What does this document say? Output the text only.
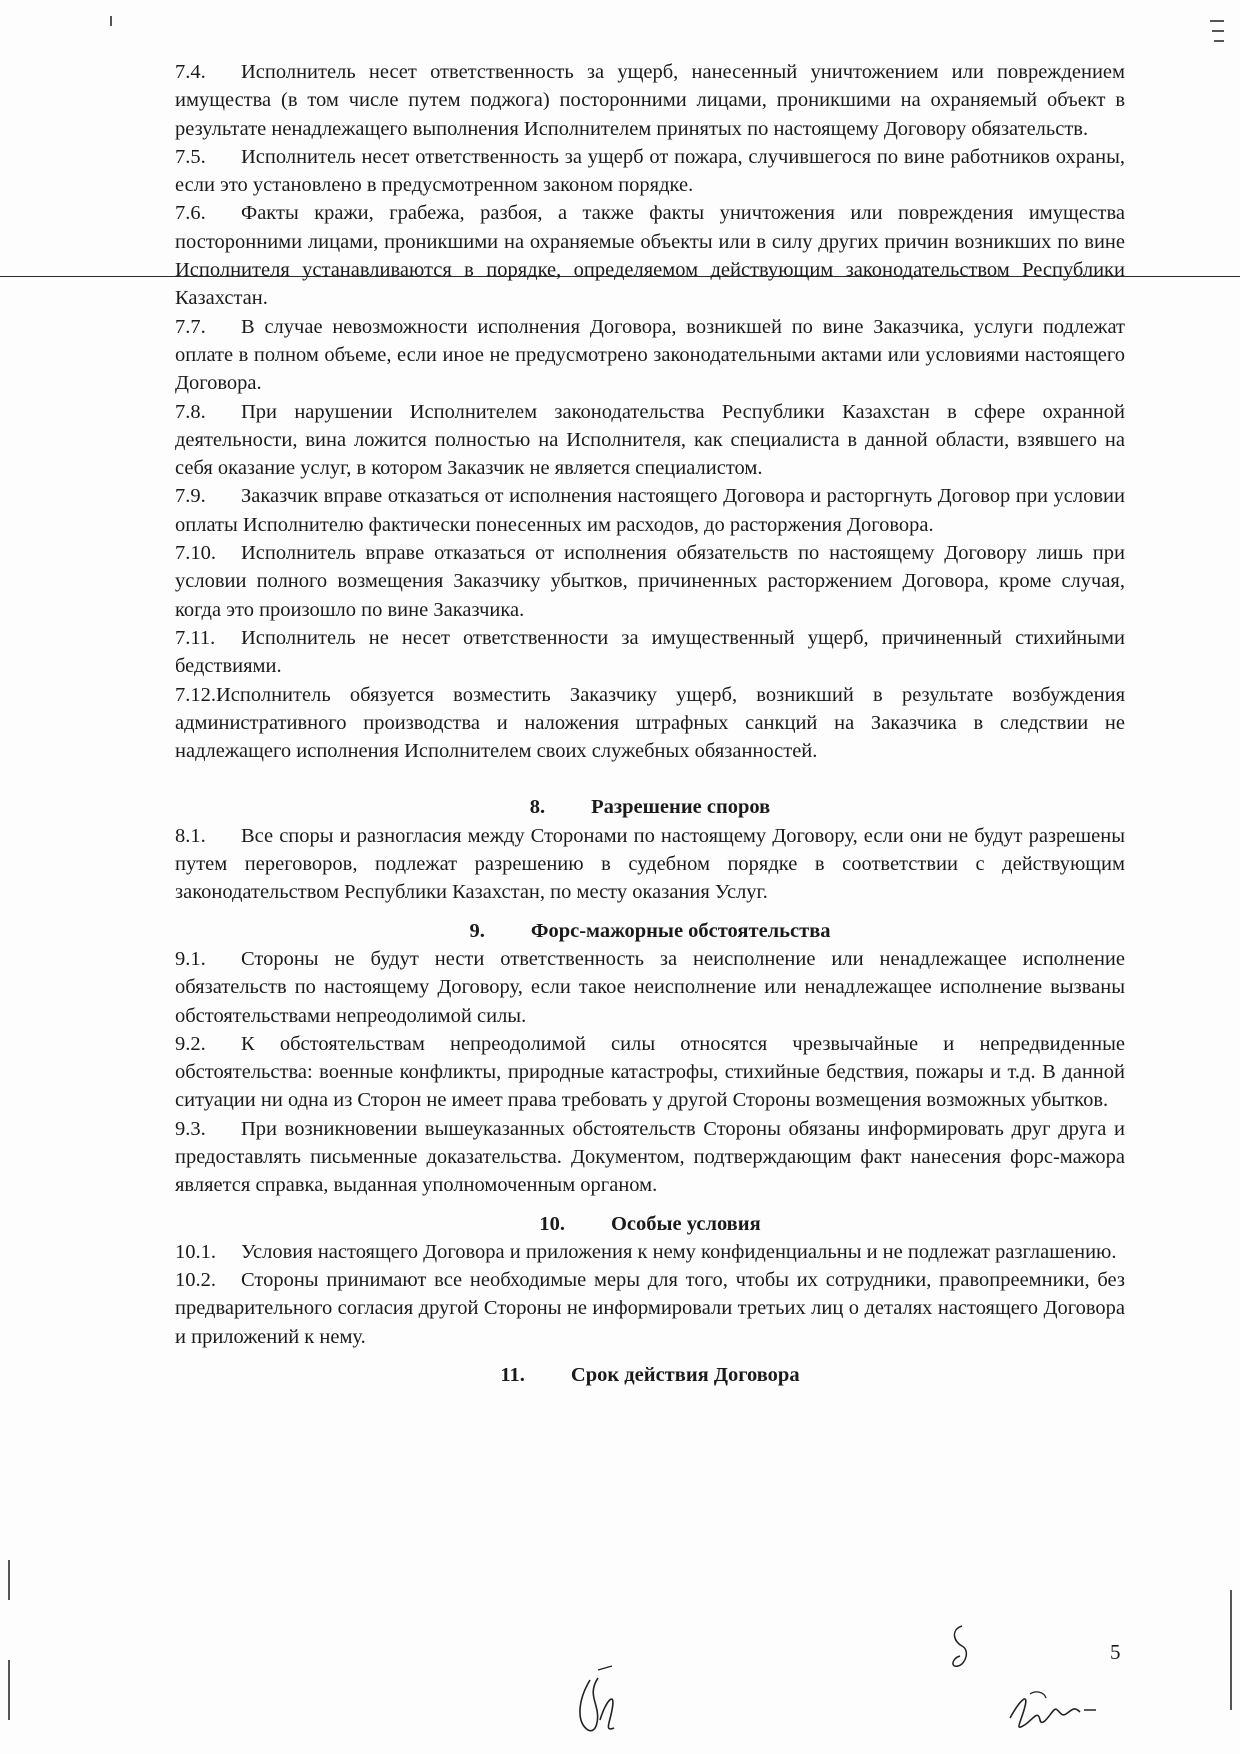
7.4. Исполнитель несет ответственность за ущерб, нанесенный уничтожением или повреждением имущества (в том числе путем поджога) посторонними лицами, проникшими на охраняемый объект в результате ненадлежащего выполнения Исполнителем принятых по настоящему Договору обязательств.

7.5. Исполнитель несет ответственность за ущерб от пожара, случившегося по вине работников охраны, если это установлено в предусмотренном законом порядке.

7.6. Факты кражи, грабежа, разбоя, а также факты уничтожения или повреждения имущества посторонними лицами, проникшими на охраняемые объекты или в силу других причин возникших по вине Исполнителя устанавливаются в порядке, определяемом действующим законодательством Республики Казахстан.

7.7. В случае невозможности исполнения Договора, возникшей по вине Заказчика, услуги подлежат оплате в полном объеме, если иное не предусмотрено законодательными актами или условиями настоящего Договора.

7.8. При нарушении Исполнителем законодательства Республики Казахстан в сфере охранной деятельности, вина ложится полностью на Исполнителя, как специалиста в данной области, взявшего на себя оказание услуг, в котором Заказчик не является специалистом.

7.9. Заказчик вправе отказаться от исполнения настоящего Договора и расторгнуть Договор при условии оплаты Исполнителю фактически понесенных им расходов, до расторжения Договора.

7.10. Исполнитель вправе отказаться от исполнения обязательств по настоящему Договору лишь при условии полного возмещения Заказчику убытков, причиненных расторжением Договора, кроме случая, когда это произошло по вине Заказчика.

7.11. Исполнитель не несет ответственности за имущественный ущерб, причиненный стихийными бедствиями.

7.12.Исполнитель обязуется возместить Заказчику ущерб, возникший в результате возбуждения административного производства и наложения штрафных санкций на Заказчика в следствии не надлежащего исполнения Исполнителем своих служебных обязанностей.

8. Разрешение споров

8.1. Все споры и разногласия между Сторонами по настоящему Договору, если они не будут разрешены путем переговоров, подлежат разрешению в судебном порядке в соответствии с действующим законодательством Республики Казахстан, по месту оказания Услуг.

9. Форс-мажорные обстоятельства

9.1. Стороны не будут нести ответственность за неисполнение или ненадлежащее исполнение обязательств по настоящему Договору, если такое неисполнение или ненадлежащее исполнение вызваны обстоятельствами непреодолимой силы.

9.2. К обстоятельствам непреодолимой силы относятся чрезвычайные и непредвиденные обстоятельства: военные конфликты, природные катастрофы, стихийные бедствия, пожары и т.д. В данной ситуации ни одна из Сторон не имеет права требовать у другой Стороны возмещения возможных убытков.

9.3. При возникновении вышеуказанных обстоятельств Стороны обязаны информировать друг друга и предоставлять письменные доказательства. Документом, подтверждающим факт нанесения форс-мажора является справка, выданная уполномоченным органом.

10. Особые условия

10.1. Условия настоящего Договора и приложения к нему конфиденциальны и не подлежат разглашению.

10.2. Стороны принимают все необходимые меры для того, чтобы их сотрудники, правопреемники, без предварительного согласия другой Стороны не информировали третьих лиц о деталях настоящего Договора и приложений к нему.

11. Срок действия Договора

5
